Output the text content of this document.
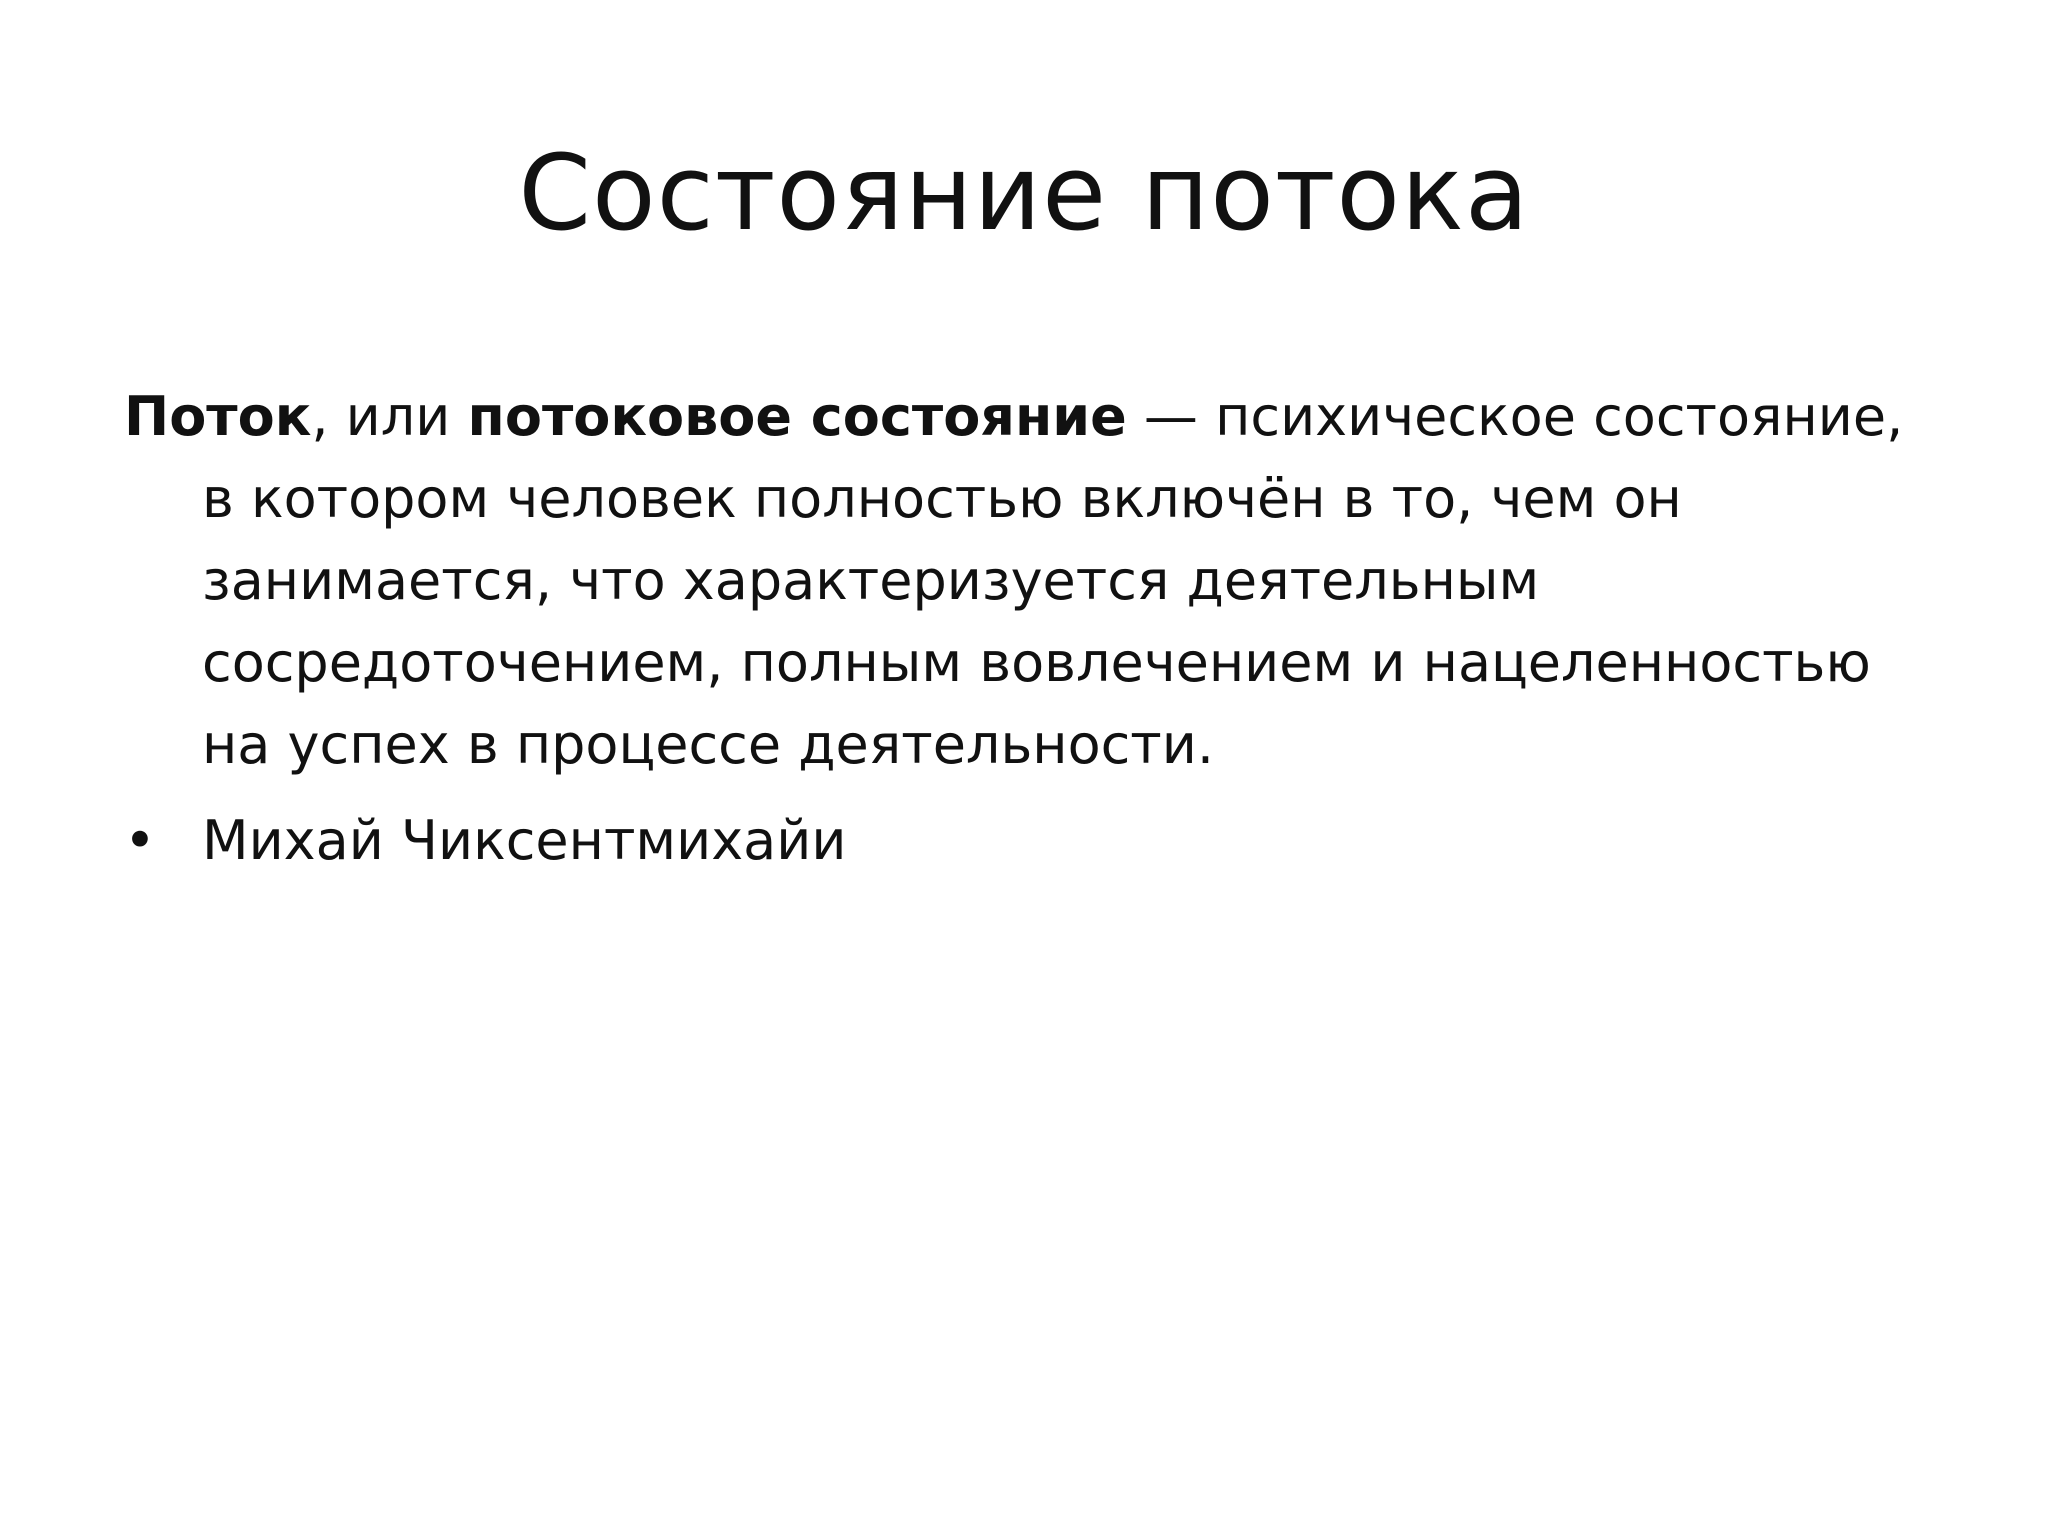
Состояние потока

Поток, или потоковое состояние — психическое состояние, в котором человек полностью включён в то, чем он занимается, что характеризуется деятельным сосредоточением, полным вовлечением и нацеленностью на успех в процессе деятельности.

• Михай Чиксентмихайи
